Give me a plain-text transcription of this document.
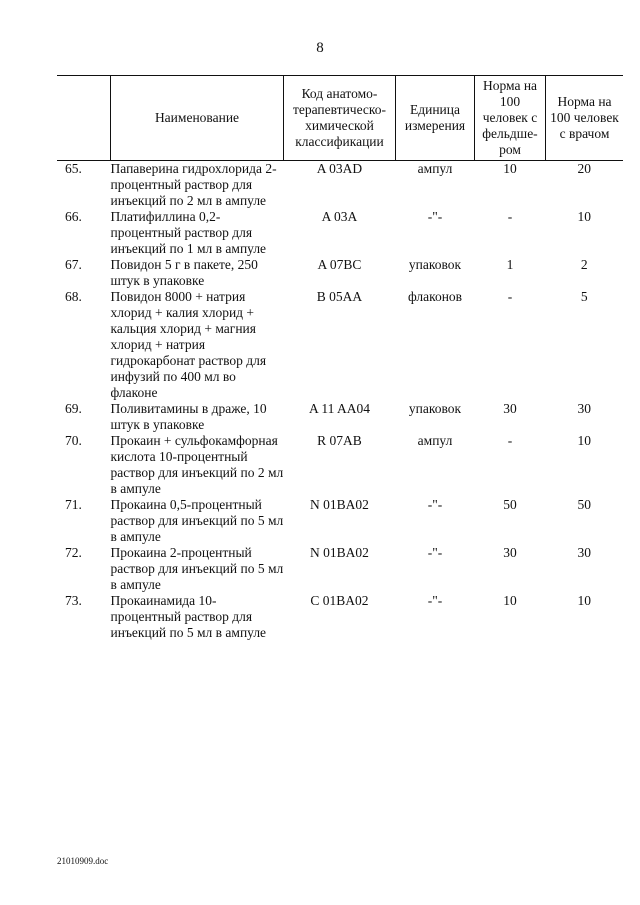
8
	Наименование	Код анатомо-терапевтическо-химической классификации	Единица измерения	Норма на 100 человек с фельдше-ром	Норма на 100 человек с врачом
65.	Папаверина гидрохлорида 2-процентный раствор для инъекций по 2 мл в ампуле	A 03AD	ампул	10	20
66.	Платифиллина 0,2-процентный раствор для инъекций по 1 мл в ампуле	A 03A	-"-	-	10
67.	Повидон 5 г в пакете, 250 штук в упаковке	A 07BC	упаковок	1	2
68.	Повидон 8000 + натрия хлорид + калия хлорид + кальция хлорид + магния хлорид + натрия гидрокарбонат раствор для инфузий по 400 мл во флаконе	B 05AA	флаконов	-	5
69.	Поливитамины в драже, 10 штук в упаковке	A 11 AA04	упаковок	30	30
70.	Прокаин + сульфокамфорная кислота 10-процентный раствор для инъекций по 2 мл в ампуле	R 07AB	ампул	-	10
71.	Прокаина 0,5-процентный раствор для инъекций по 5 мл в ампуле	N 01BA02	-"-	50	50
72.	Прокаина 2-процентный раствор для инъекций по 5 мл в ампуле	N 01BA02	-"-	30	30
73.	Прокаинамида 10-процентный раствор для инъекций по 5 мл в ампуле	C 01BA02	-"-	10	10
21010909.doc
